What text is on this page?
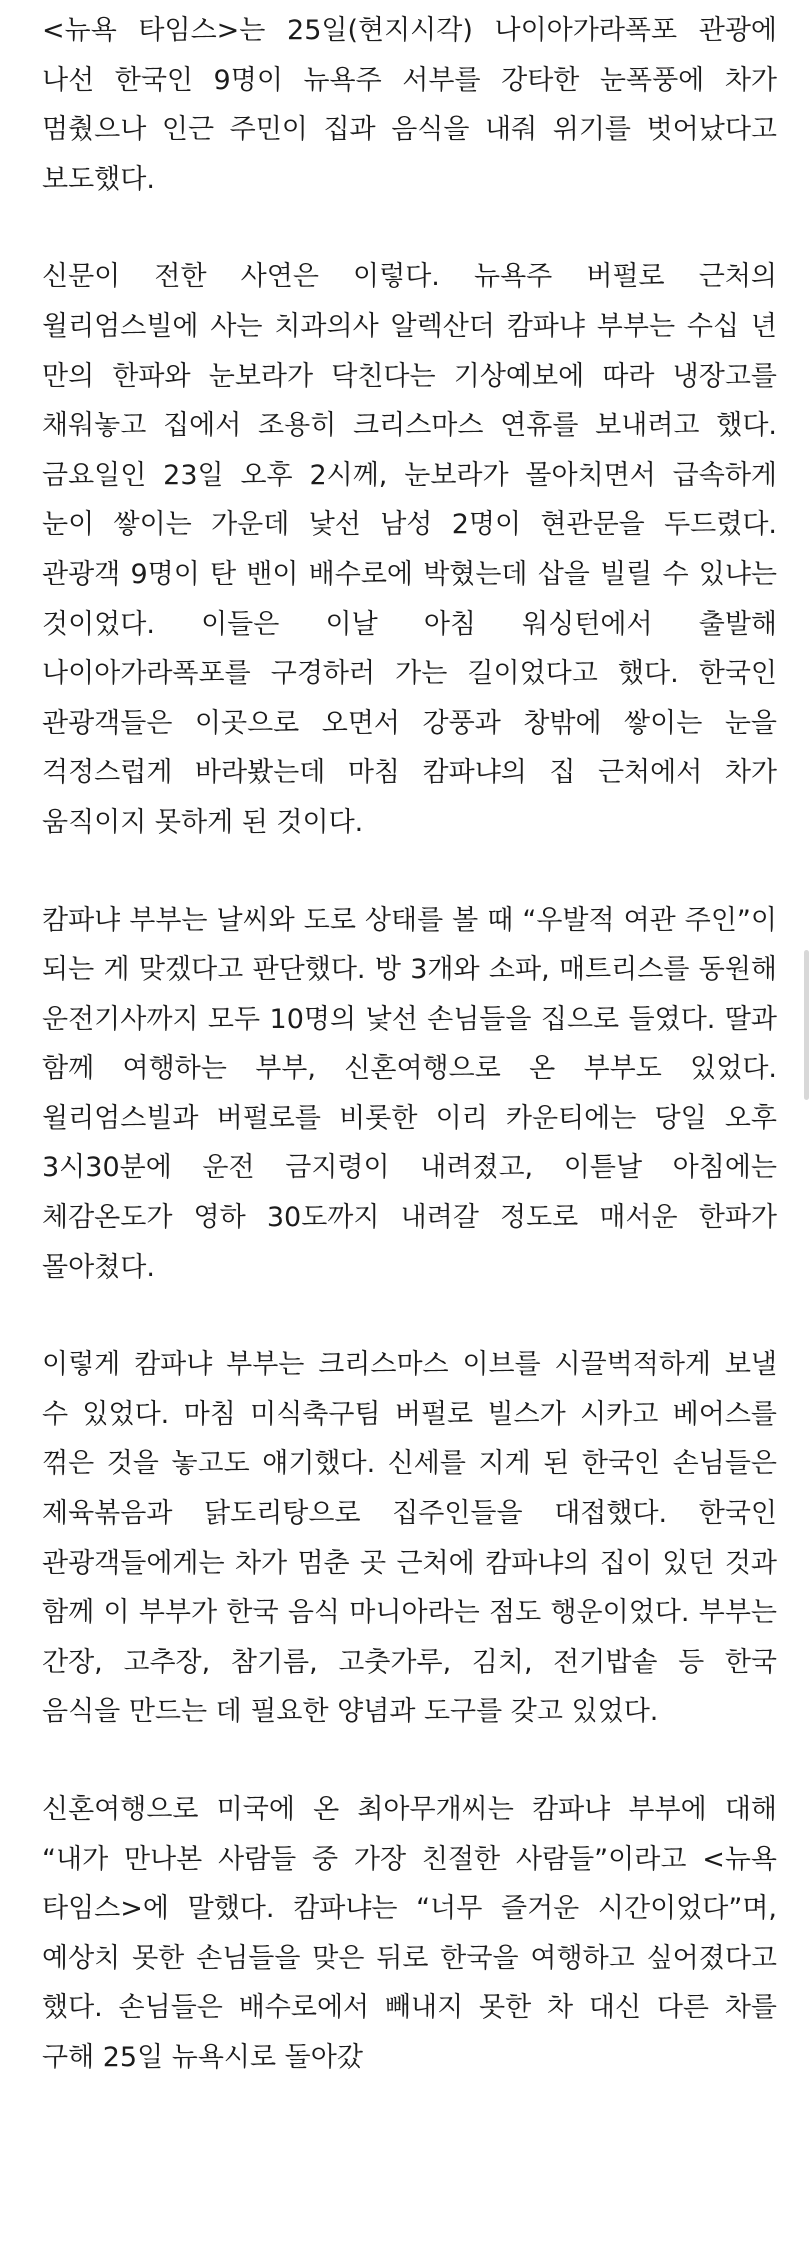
<뉴욕 타임스>는 25일(현지시각) 나이아가라폭포 관광에 나선 한국인 9명이 뉴욕주 서부를 강타한 눈폭풍에 차가 멈췄으나 인근 주민이 집과 음식을 내줘 위기를 벗어났다고 보도했다.

신문이 전한 사연은 이렇다. 뉴욕주 버펄로 근처의 윌리엄스빌에 사는 치과의사 알렉산더 캄파냐 부부는 수십 년 만의 한파와 눈보라가 닥친다는 기상예보에 따라 냉장고를 채워놓고 집에서 조용히 크리스마스 연휴를 보내려고 했다. 금요일인 23일 오후 2시께, 눈보라가 몰아치면서 급속하게 눈이 쌓이는 가운데 낯선 남성 2명이 현관문을 두드렸다. 관광객 9명이 탄 밴이 배수로에 박혔는데 삽을 빌릴 수 있냐는 것이었다. 이들은 이날 아침 워싱턴에서 출발해 나이아가라폭포를 구경하러 가는 길이었다고 했다. 한국인 관광객들은 이곳으로 오면서 강풍과 창밖에 쌓이는 눈을 걱정스럽게 바라봤는데 마침 캄파냐의 집 근처에서 차가 움직이지 못하게 된 것이다.

캄파냐 부부는 날씨와 도로 상태를 볼 때 “우발적 여관 주인”이 되는 게 맞겠다고 판단했다. 방 3개와 소파, 매트리스를 동원해 운전기사까지 모두 10명의 낯선 손님들을 집으로 들였다. 딸과 함께 여행하는 부부, 신혼여행으로 온 부부도 있었다. 윌리엄스빌과 버펄로를 비롯한 이리 카운티에는 당일 오후 3시30분에 운전 금지령이 내려졌고, 이튿날 아침에는 체감온도가 영하 30도까지 내려갈 정도로 매서운 한파가 몰아쳤다.

이렇게 캄파냐 부부는 크리스마스 이브를 시끌벅적하게 보낼 수 있었다. 마침 미식축구팀 버펄로 빌스가 시카고 베어스를 꺾은 것을 놓고도 얘기했다. 신세를 지게 된 한국인 손님들은 제육볶음과 닭도리탕으로 집주인들을 대접했다. 한국인 관광객들에게는 차가 멈춘 곳 근처에 캄파냐의 집이 있던 것과 함께 이 부부가 한국 음식 마니아라는 점도 행운이었다. 부부는 간장, 고추장, 참기름, 고춧가루, 김치, 전기밥솥 등 한국 음식을 만드는 데 필요한 양념과 도구를 갖고 있었다.

신혼여행으로 미국에 온 최아무개씨는 캄파냐 부부에 대해 “내가 만나본 사람들 중 가장 친절한 사람들”이라고 <뉴욕 타임스>에 말했다. 캄파냐는 “너무 즐거운 시간이었다”며, 예상치 못한 손님들을 맞은 뒤로 한국을 여행하고 싶어졌다고 했다. 손님들은 배수로에서 빼내지 못한 차 대신 다른 차를 구해 25일 뉴욕시로 돌아갔
